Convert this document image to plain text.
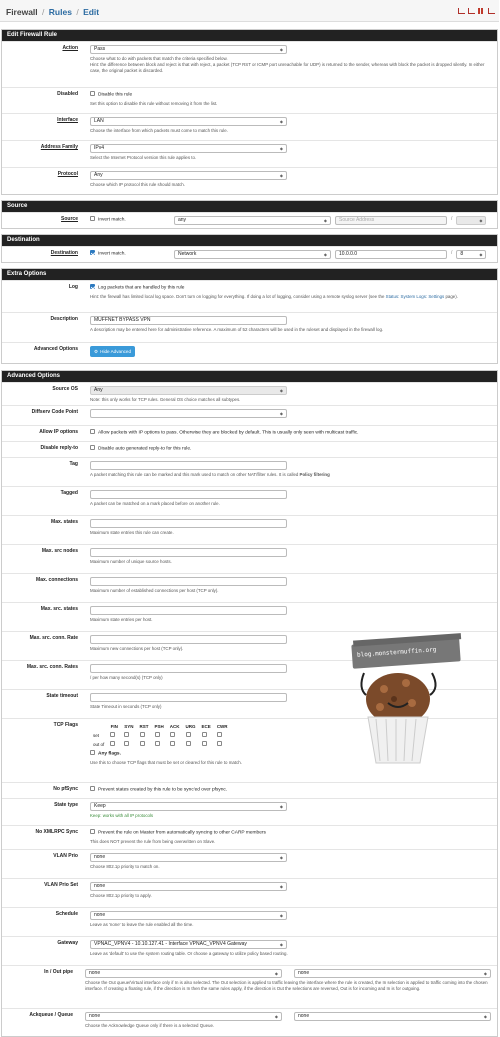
Firewall / Rules / Edit
Edit Firewall Rule
Action	Pass	◆
Choose what to do with packets that match the criteria specified below.
Hint: the difference between block and reject is that with reject, a packet (TCP RST or ICMP port unreachable for UDP) is returned to the sender, whereas with block the packet is dropped silently. In either case, the original packet is discarded.
Disabled	Disable this rule
Set this option to disable this rule without removing it from the list.
Interface	LAN	◆
Choose the interface from which packets must come to match this rule.
Address Family	IPv4	◆
Select the Internet Protocol version this rule applies to.
Protocol	Any	◆
Choose which IP protocol this rule should match.
Source
Source	Invert match.	any	◆	Source Address	/	◆
Destination
Destination	Invert match.	Network	◆	10.0.0.0	/ 8	◆
Extra Options
Log	Log packets that are handled by this rule
Hint: the firewall has limited local log space. Don't turn on logging for everything. If doing a lot of logging, consider using a remote syslog server (see the Status: System Logs: Settings page).
Description	MUFFNET BYPASS VPN
A description may be entered here for administrative reference. A maximum of 52 characters will be used in the ruleset and displayed in the firewall log.
Advanced Options	⚙ Hide Advanced
Advanced Options
Source OS	Any	◆
Note: this only works for TCP rules. General OS choice matches all subtypes.
Diffserv Code Point	◆
Allow IP options	Allow packets with IP options to pass. Otherwise they are blocked by default. This is usually only seen with multicast traffic.
Disable reply-to	Disable auto generated reply-to for this rule.
Tag
A packet matching this rule can be marked and this mark used to match on other NAT/filter rules. It is called Policy filtering
Tagged
A packet can be matched on a mark placed before on another rule.
Max. states
Maximum state entries this rule can create.
Max. src nodes
Maximum number of unique source hosts.
Max. connections
Maximum number of established connections per host (TCP only).
Max. src. states
Maximum state entries per host.
Max. src. conn. Rate
Maximum new connections per host (TCP only).
Max. src. conn. Rates
/ per how many second(s) (TCP only)
State timeout
State Timeout in seconds (TCP only)
TCP Flags
		FIN	SYN	RST	PSH	ACK	URG	ECE	CWR
set								
out of								
Any flags.
Use this to choose TCP flags that must be set or cleared for this rule to match.
No pfSync	Prevent states created by this rule to be sync'ed over pfsync.
State type	Keep	◆
Keep: works with all IP protocols
No XMLRPC Sync	Prevent the rule on Master from automatically syncing to other CARP members
This does NOT prevent the rule from being overwritten on Slave.
VLAN Prio	none	◆
Choose 802.1p priority to match on.
VLAN Prio Set	none	◆
Choose 802.1p priority to apply.
Schedule	none	◆
Leave as 'none' to leave the rule enabled all the time.
Gateway	VPNAC_VPNV4 - 10.10.127.41 - Interface VPNAC_VPNV4 Gateway	◆
Leave as 'default' to use the system routing table. Or choose a gateway to utilize policy based routing.
In / Out pipe	none	◆	none	◆
Choose the Out queue/Virtual interface only if In is also selected. The Out selection is applied to traffic leaving the interface where the rule is created, the In selection is applied to traffic coming into the chosen interface. If creating a floating rule, if the direction is In then the same rules apply, if the direction is Out the selections are reversed, Out is for incoming and In is for outgoing.
Ackqueue / Queue	none	◆	none	◆
Choose the Acknowledge Queue only if there is a selected Queue.
blog.monstermuffin.org
